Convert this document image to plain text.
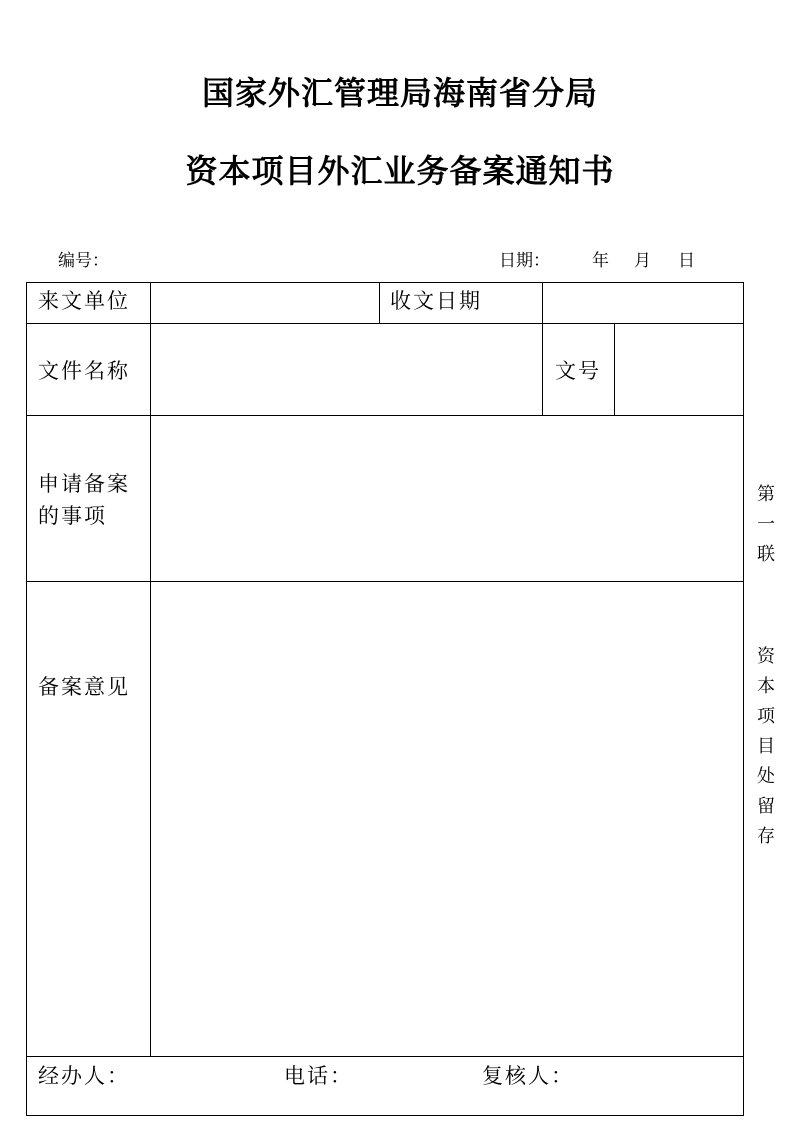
国家外汇管理局海南省分局
资本项目外汇业务备案通知书
编号：	日期： 年 月 日
来文单位	收文日期
文件名称	文号
申请备案
的事项
备案意见
经办人：	电话：	复核人：
第
一
联
资
本
项
目
处
留
存
